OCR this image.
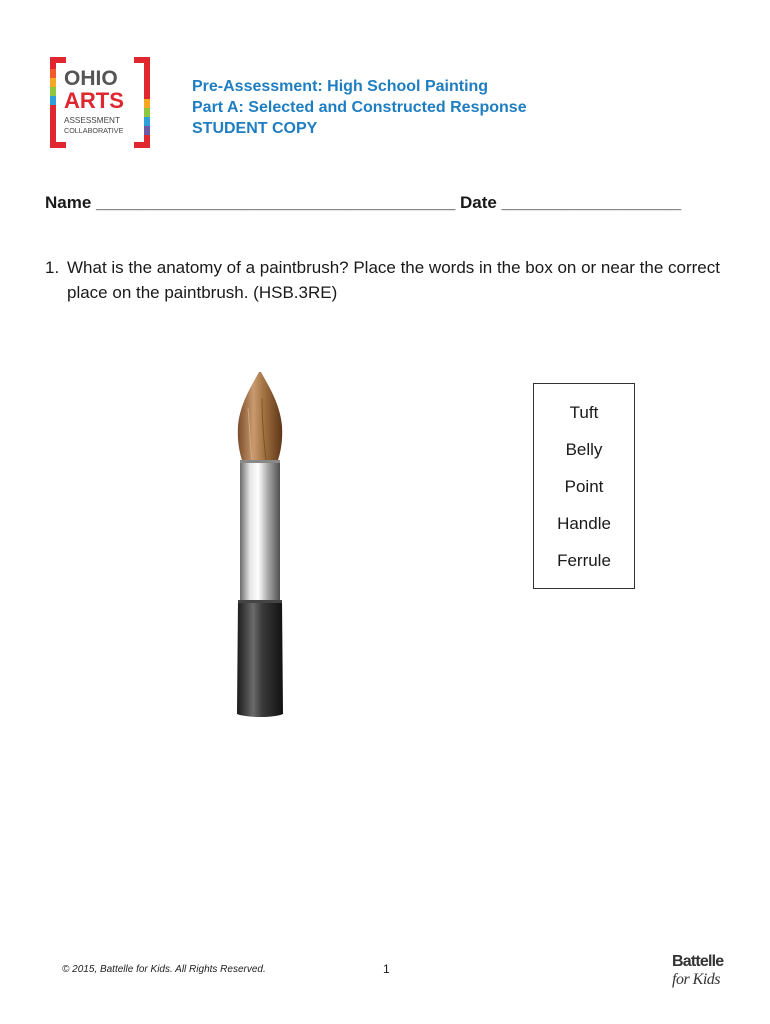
OHIO
ARTS
ASSESSMENT
COLLABORATIVE
Pre-Assessment: High School Painting
Part A: Selected and Constructed Response
STUDENT COPY
Name ______________________________________ Date ___________________
1. What is the anatomy of a paintbrush? Place the words in the box on or near the correct place on the paintbrush. (HSB.3RE)
Tuft
Belly
Point
Handle
Ferrule
© 2015, Battelle for Kids. All Rights Reserved.	1	Battelle
for Kids
